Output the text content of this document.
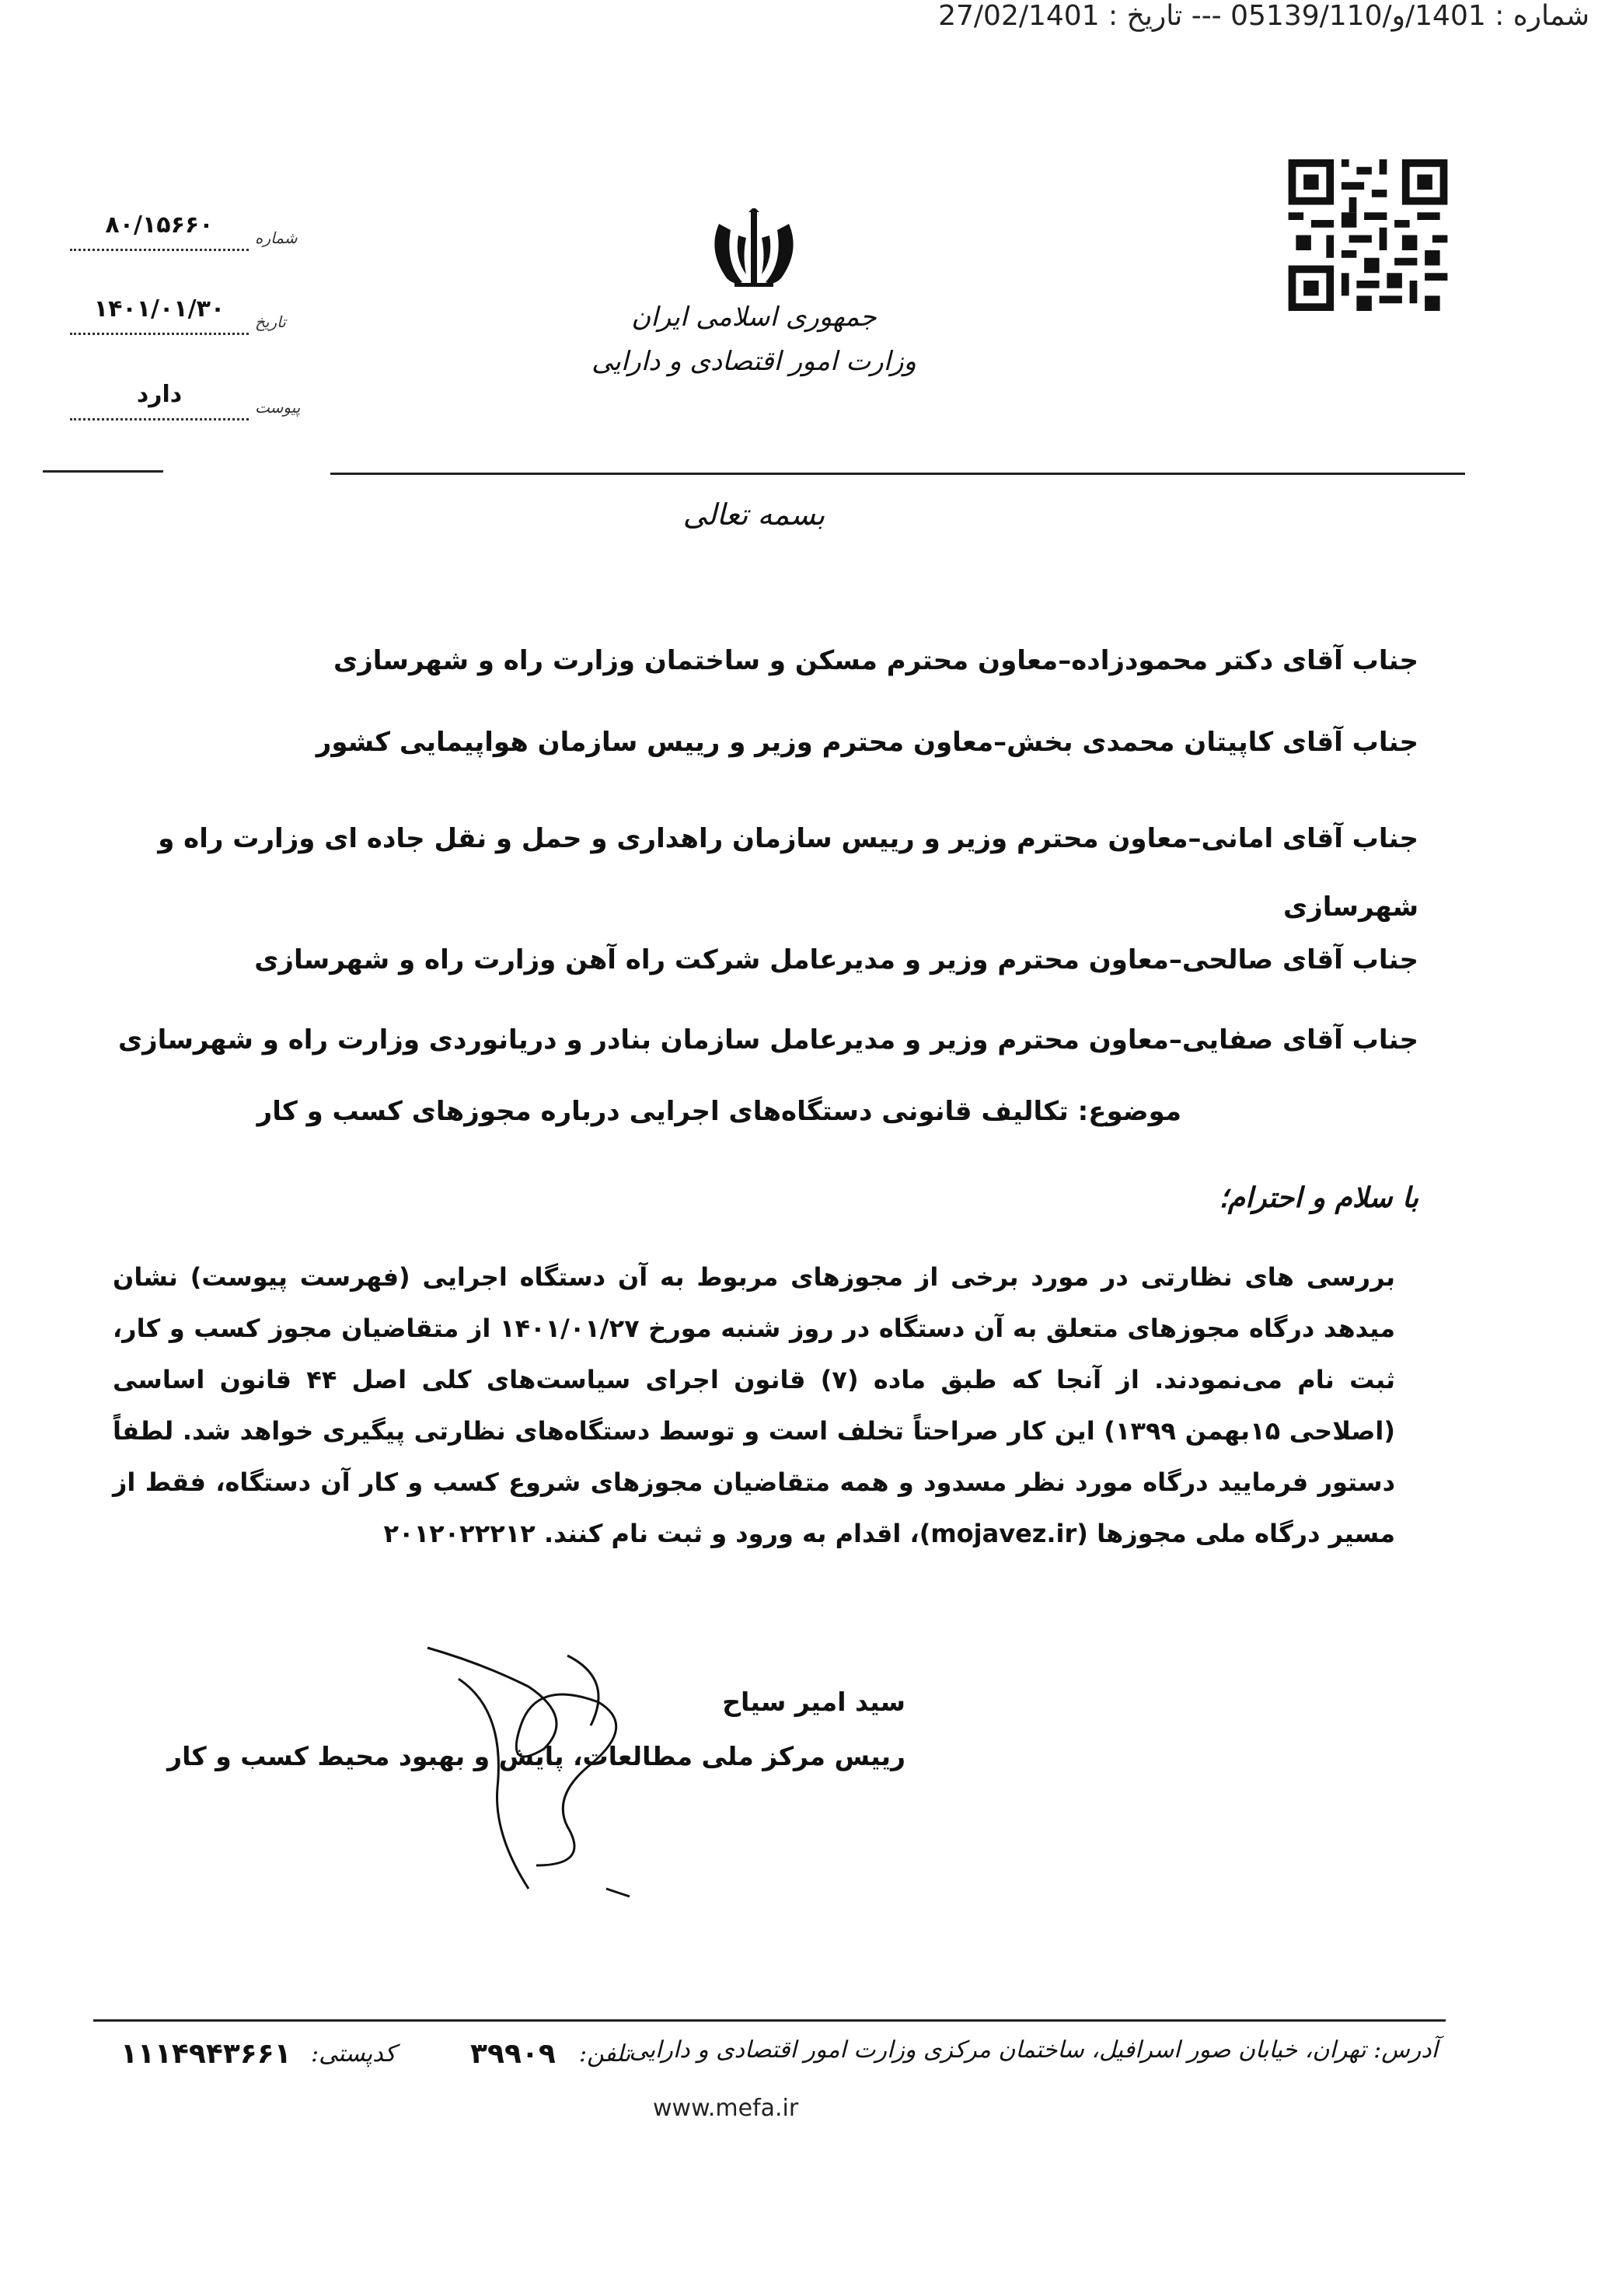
شماره : 1401/ﻭ/05139/110 --- تاریخ : 27/02/1401
جمهوری اسلامی ایران
وزارت امور اقتصادی و دارایی
۸۰/۱۵۶۶۰	شماره
۱۴۰۱/۰۱/۳۰	تاریخ
دارد	پیوست
بسمه تعالی
جناب آقای دکتر محمودزاده–معاون محترم مسکن و ساختمان وزارت راه و شهرسازی
جناب آقای کاپیتان محمدی بخش–معاون محترم وزیر و رییس سازمان هواپیمایی کشور
جناب آقای امانی–معاون محترم وزیر و رییس سازمان راهداری و حمل و نقل جاده ای وزارت راه و شهرسازی
جناب آقای صالحی–معاون محترم وزیر و مدیرعامل شرکت راه آهن وزارت راه و شهرسازی
جناب آقای صفایی–معاون محترم وزیر و مدیرعامل سازمان بنادر و دریانوردی وزارت راه و شهرسازی
موضوع: تکالیف قانونی دستگاه‌های اجرایی درباره مجوزهای کسب و کار
با سلام و احترام؛
بررسی های نظارتی در مورد برخی از مجوزهای مربوط به آن دستگاه اجرایی (فهرست پیوست) نشان میدهد درگاه مجوزهای متعلق به آن دستگاه در روز شنبه مورخ ۱۴۰۱/۰۱/۲۷ از متقاضیان مجوز کسب و کار، ثبت نام می‌نمودند. از آنجا که طبق ماده (۷) قانون اجرای سیاست‌های کلی اصل ۴۴ قانون اساسی (اصلاحی ۱۵بهمن ۱۳۹۹) این کار صراحتاً تخلف است و توسط دستگاه‌های نظارتی پیگیری خواهد شد. لطفاً دستور فرمایید درگاه مورد نظر مسدود و همه متقاضیان مجوزهای شروع کسب و کار آن دستگاه، فقط از مسیر درگاه ملی مجوزها (mojavez.ir)، اقدام به ورود و ثبت نام کنند. ۲۰۱۲۰۲۲۲۱۲
سید امیر سیاح
رییس مرکز ملی مطالعات، پایش و بهبود محیط کسب و کار
آدرس: تهران، خیابان صور اسرافیل، ساختمان مرکزی وزارت امور اقتصادی و دارایی
تلفن:
۳۹۹۰۹
کدپستی:
۱۱۱۴۹۴۳۶۶۱
www.mefa.ir
